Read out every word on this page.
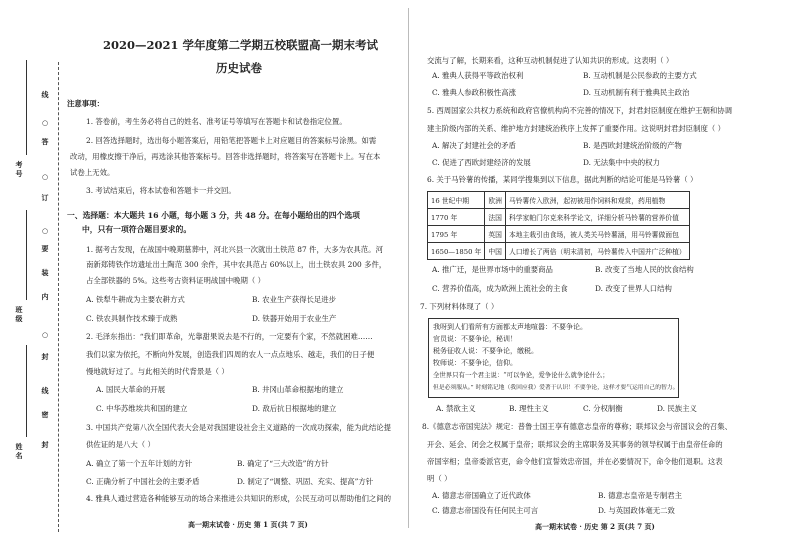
考号
班级
姓名
线
○
答
○
订
○
要
装
内
○
封
线
密
封
2020—2021 学年度第二学期五校联盟高一期末考试
历史试卷
注意事项：
1. 答卷前，考生务必将自己的姓名、准考证号等填写在答题卡和试卷指定位置。
2. 回答选择题时，选出每小题答案后，用铅笔把答题卡上对应题目的答案标号涂黑。如需
改动，用橡皮擦干净后，再选涂其他答案标号。回答非选择题时，将答案写在答题卡上。写在本
试卷上无效。
3. 考试结束后，将本试卷和答题卡一并交回。
一、选择题：本大题共 16 小题，每小题 3 分，共 48 分。在每小题给出的四个选项
中，只有一项符合题目要求的。
1. 据考古发现，在战国中晚期墓葬中，河北兴县一次就出土铁范 87 件，大多为农具范。河
南新郑铸铁作坊遗址出土陶范 300 余件，其中农具范占 60%以上，出土铁农具 200 多件，
占全部铁器的 5%。这些考古资料证明战国中晚期（ ）
A. 铁犁牛耕成为主要农耕方式	B. 农业生产获得长足进步
C. 铁农具制作技术臻于成熟	D. 铁器开始用于农业生产
2. 毛泽东指出：“我们即革命，光靠甜果说去是不行的，一定要有个家，不然就困难……
我们以家为依托，不断向外发展，创造我们四周的农人一点点地乐、越走，我们的日子便
慢地就好过了。与此相关的时代背景是（ ）
A. 国民大革命的开展	B. 井冈山革命根据地的建立
C. 中华苏维埃共和国的建立	D. 敌后抗日根据地的建立
3. 中国共产党第八次全国代表大会是对我国建设社会主义道路的一次成功探索，能为此结论提
供佐证的是八大（ ）
A. 确立了第一个五年计划的方针	B. 确定了“三大改造”的方针
C. 正确分析了中国社会的主要矛盾	D. 制定了“调整、巩固、充实、提高”方针
4. 雅典人通过营造各种能够互动的场合来推进公共知识的形成，公民互动可以帮助他们之间的
高一期末试卷 · 历史 第 1 页(共 7 页)
交流与了解，长期来看，这种互动机制促进了认知共识的形成。这表明（ ）
A. 雅典人获得平等政治权利	B. 互动机制是公民参政的主要方式
C. 雅典人参政积极性高涨	D. 互动机制有利于雅典民主政治
5. 西周国家公共权力系统和政府官僚机构尚不完善的情况下，封君封臣制度在维护王朝和协调
建主阶级内部的关系、维护地方封建统治秩序上发挥了重要作用。这说明封君封臣制度（ ）
A. 解决了封建社会的矛盾	B. 是西欧封建统治阶级的产物
C. 促进了西欧封建经济的发展	D. 无法集中中央的权力
6. 关于马铃薯的传播，某同学搜集到以下信息，据此判断的结论可能是马铃薯（ ）
16 世纪中期	欧洲	马铃薯传入欧洲，起初被用作饲料和观赏，药用植物
1770 年	法国	科学家帕门尔克来科学论文，详细分析马铃薯的营养价值
1795 年	英国	本地主栽引由食场，被人类关马铃薯涵，用马铃薯做面包
1650—1850 年	中国	人口增长了两倍（明末清初，马铃薯传入中国并广泛种植）
A. 推广迁，是世界市场中的重要商品	B. 改变了当地人民的饮食结构
C. 营养价值高，成为欧洲上流社会的主食	D. 改变了世界人口结构
7. 下列材料体现了（ ）
我呀到人们看所有方面都太声地喧嚣：不要争论。
官员说：不要争论，秘训！
税务征收人说：不要争论，缴税。
牧师说：不要争论，信仰。
全世界只有一个君主说：“可以争论，爱争论什么就争论什么；
但是必须服从。” 时刻铭记地（我回应我）爱著于认识！不要争论，这样才要气运用自己的智力。
A. 禁欲主义	B. 理性主义	C. 分权制衡	D. 民族主义
8.《德意志帝国宪法》规定：普鲁士国王享有德意志皇帝的尊称；联邦议会与帝国议会的召集、
开会、延会、闭会之权属于皇帝；联邦议会的主席职务及其事务的领导权属于由皇帝任命的
帝国宰相；皇帝委派官吏，命令他们宣誓效忠帝国，并在必要情况下，命令他们退职。这表
明（ ）
A. 德意志帝国确立了近代政体	B. 德意志皇帝是专制君主
C. 德意志帝国没有任何民主可言	D. 与英国政体毫无二致
高一期末试卷 · 历史 第 2 页(共 7 页)
